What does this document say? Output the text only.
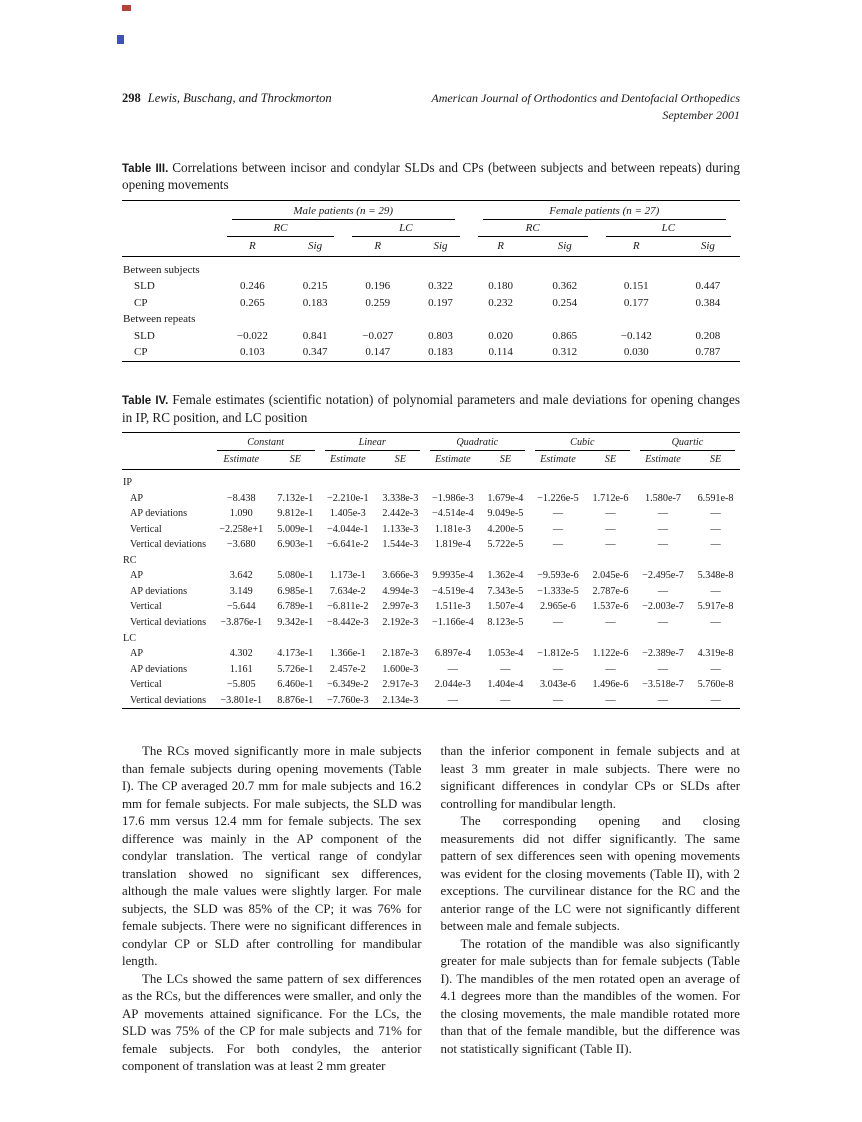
298 Lewis, Buschang, and Throckmorton	American Journal of Orthodontics and Dentofacial Orthopedics
September 2001
Table III. Correlations between incisor and condylar SLDs and CPs (between subjects and between repeats) during opening movements

	Male patients (n = 29)				Female patients (n = 27)			

	RC		LC		RC		LC	

	R	Sig	R	Sig	R	Sig	R	Sig
Between subjects								
SLD	0.246	0.215	0.196	0.322	0.180	0.362	0.151	0.447
CP	0.265	0.183	0.259	0.197	0.232	0.254	0.177	0.384
Between repeats								
SLD	−0.022	0.841	−0.027	0.803	0.020	0.865	−0.142	0.208
CP	0.103	0.347	0.147	0.183	0.114	0.312	0.030	0.787
Table IV. Female estimates (scientific notation) of polynomial parameters and male deviations for opening changes in IP, RC position, and LC position

	Constant		Linear		Quadratic		Cubic		Quartic	

	Estimate	SE	Estimate	SE	Estimate	SE	Estimate	SE	Estimate	SE
IP										
AP	−8.438	7.132e-1	−2.210e-1	3.338e-3	−1.986e-3	1.679e-4	−1.226e-5	1.712e-6	1.580e-7	6.591e-8
AP deviations	1.090	9.812e-1	1.405e-3	2.442e-3	−4.514e-4	9.049e-5	—	—	—	—
Vertical	−2.258e+1	5.009e-1	−4.044e-1	1.133e-3	1.181e-3	4.200e-5	—	—	—	—
Vertical deviations	−3.680	6.903e-1	−6.641e-2	1.544e-3	1.819e-4	5.722e-5	—	—	—	—
RC										
AP	3.642	5.080e-1	1.173e-1	3.666e-3	9.9935e-4	1.362e-4	−9.593e-6	2.045e-6	−2.495e-7	5.348e-8
AP deviations	3.149	6.985e-1	7.634e-2	4.994e-3	−4.519e-4	7.343e-5	−1.333e-5	2.787e-6	—	—
Vertical	−5.644	6.789e-1	−6.811e-2	2.997e-3	1.511e-3	1.507e-4	2.965e-6	1.537e-6	−2.003e-7	5.917e-8
Vertical deviations	−3.876e-1	9.342e-1	−8.442e-3	2.192e-3	−1.166e-4	8.123e-5	—	—	—	—
LC										
AP	4.302	4.173e-1	1.366e-1	2.187e-3	6.897e-4	1.053e-4	−1.812e-5	1.122e-6	−2.389e-7	4.319e-8
AP deviations	1.161	5.726e-1	2.457e-2	1.600e-3	—	—	—	—	—	—
Vertical	−5.805	6.460e-1	−6.349e-2	2.917e-3	2.044e-3	1.404e-4	3.043e-6	1.496e-6	−3.518e-7	5.760e-8
Vertical deviations	−3.801e-1	8.876e-1	−7.760e-3	2.134e-3	—	—	—	—	—	—

The RCs moved significantly more in male subjects than female subjects during opening movements (Table I). The CP averaged 20.7 mm for male subjects and 16.2 mm for female subjects. For male subjects, the SLD was 17.6 mm versus 12.4 mm for female subjects. The sex difference was mainly in the AP component of the condylar translation. The vertical range of condylar translation showed no significant sex differences, although the male values were slightly larger. For male subjects, the SLD was 85% of the CP; it was 76% for female subjects. There were no significant differences in condylar CP or SLD after controlling for mandibular length.

The LCs showed the same pattern of sex differences as the RCs, but the differences were smaller, and only the AP movements attained significance. For the LCs, the SLD was 75% of the CP for male subjects and 71% for female subjects. For both condyles, the anterior component of translation was at least 2 mm greater

than the inferior component in female subjects and at least 3 mm greater in male subjects. There were no significant differences in condylar CPs or SLDs after controlling for mandibular length.

The corresponding opening and closing measurements did not differ significantly. The same pattern of sex differences seen with opening movements was evident for the closing movements (Table II), with 2 exceptions. The curvilinear distance for the RC and the anterior range of the LC were not significantly different between male and female subjects.

The rotation of the mandible was also significantly greater for male subjects than for female subjects (Table I). The mandibles of the men rotated open an average of 4.1 degrees more than the mandibles of the women. For the closing movements, the male mandible rotated more than that of the female mandible, but the difference was not statistically significant (Table II).
